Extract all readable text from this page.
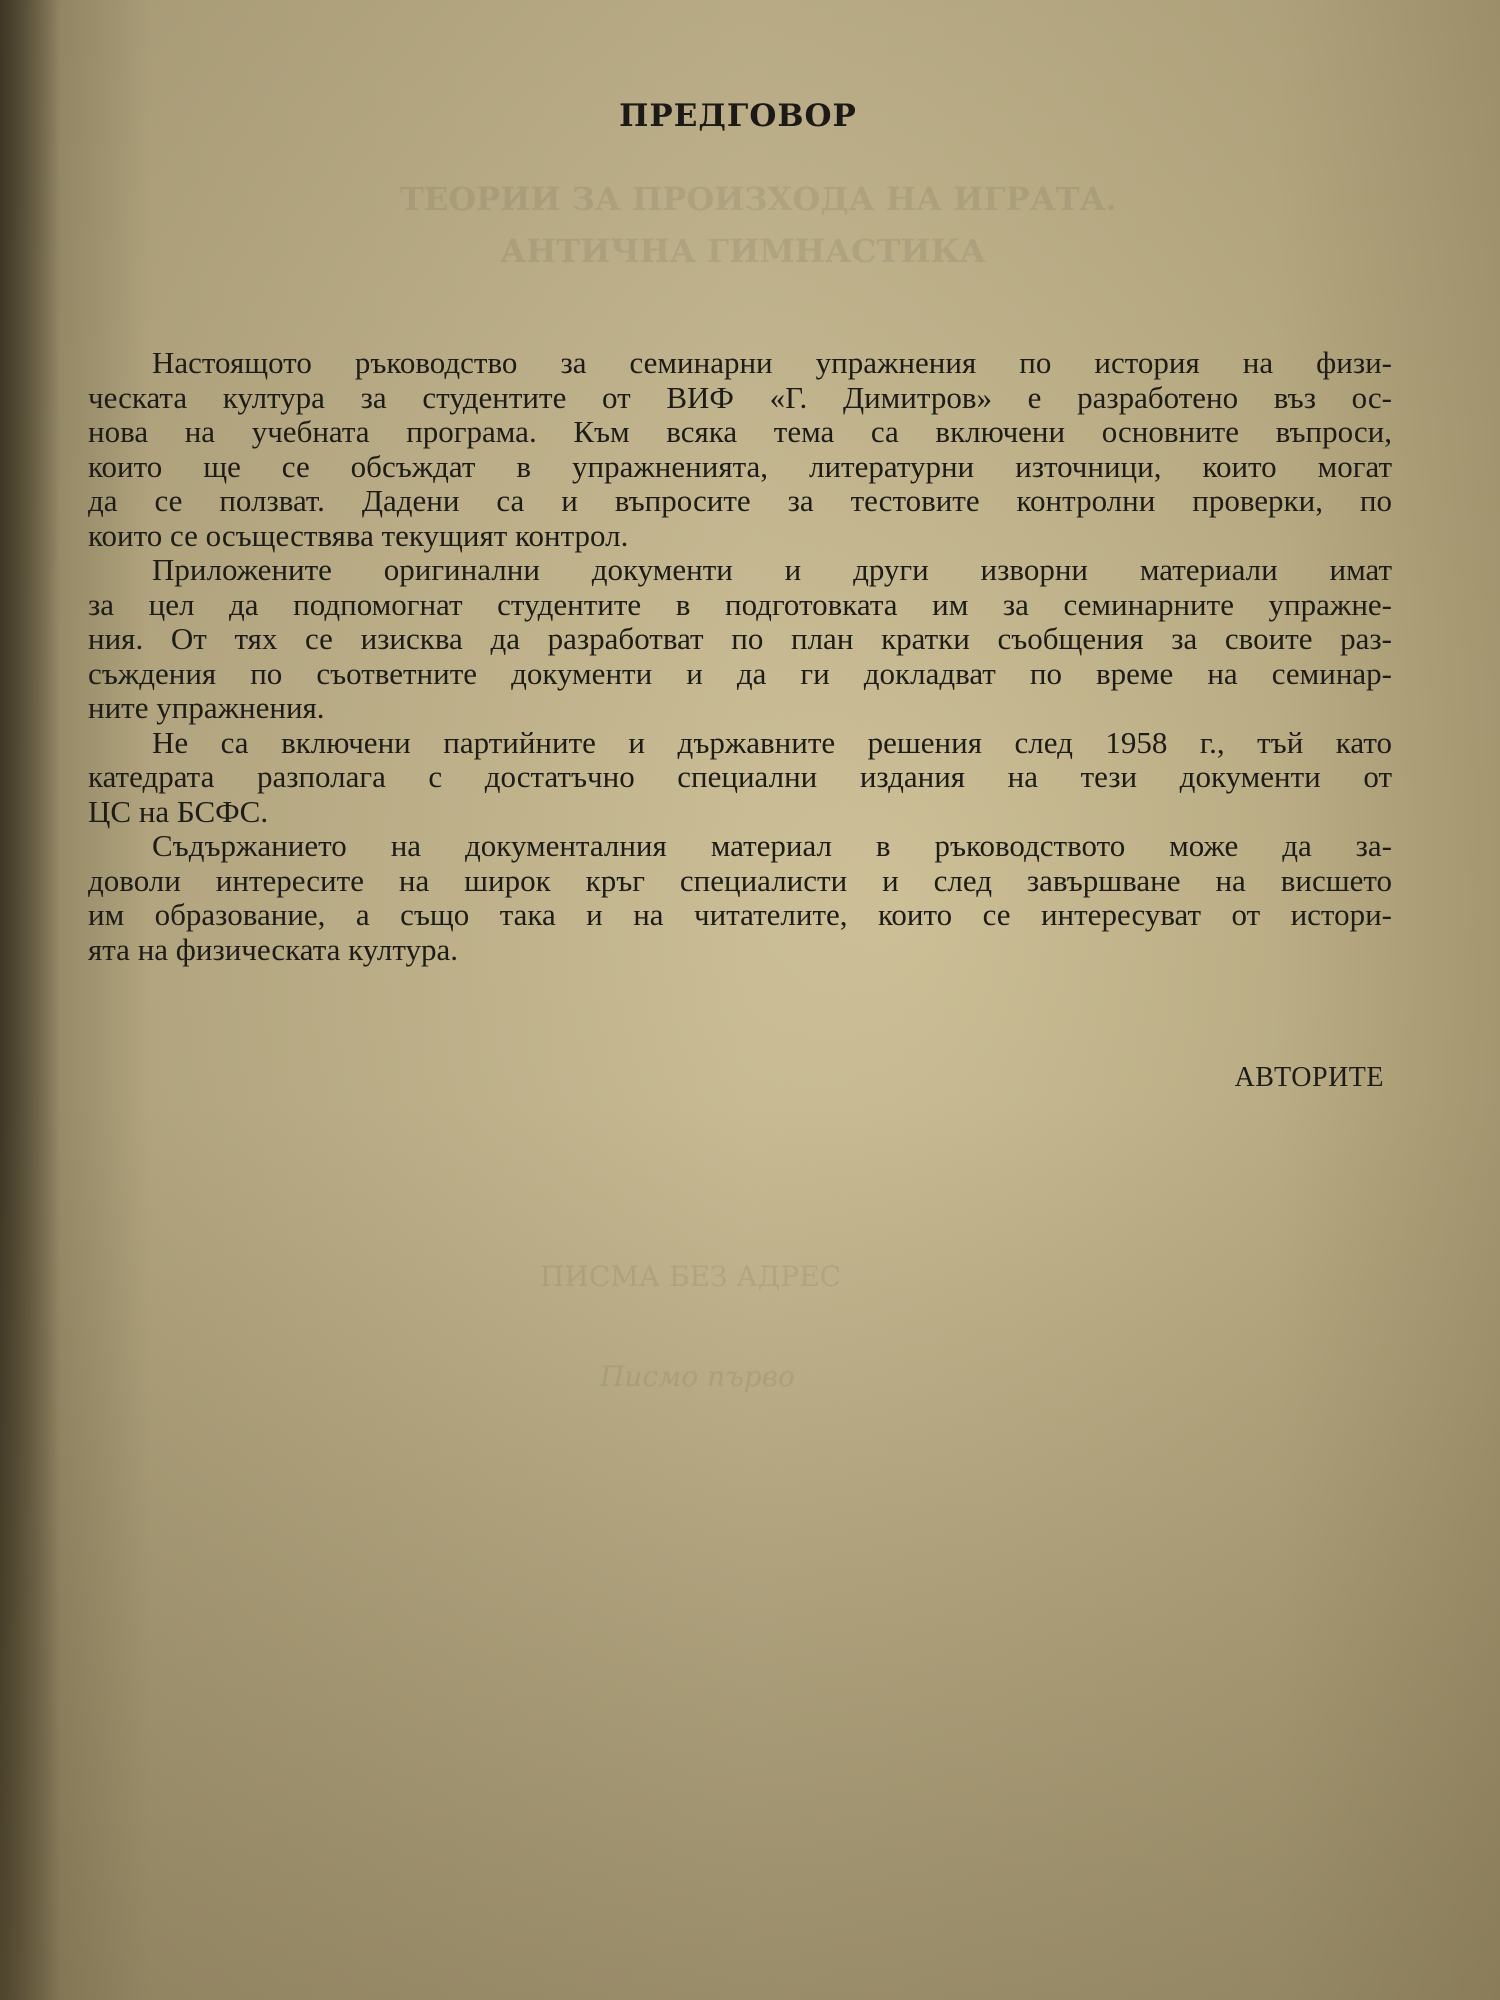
ТЕОРИИ ЗА ПРОИЗХОДА НА ИГРАТА.
АНТИЧНА ГИМНАСТИКА
ПИСМА БЕЗ АДРЕС
Писмо първо
ПРЕДГОВОР
Настоящото ръководство за семинарни упражнения по история на физи-
ческата култура за студентите от ВИФ «Г. Димитров» е разработено въз ос-
нова на учебната програма. Към всяка тема са включени основните въпроси,
които ще се обсъждат в упражненията, литературни източници, които могат
да се ползват. Дадени са и въпросите за тестовите контролни проверки, по
които се осъществява текущият контрол.
Приложените оригинални документи и други изворни материали имат
за цел да подпомогнат студентите в подготовката им за семинарните упражне-
ния. От тях се изисква да разработват по план кратки съобщения за своите раз-
съждения по съответните документи и да ги докладват по време на семинар-
ните упражнения.
Не са включени партийните и държавните решения след 1958 г., тъй като
катедрата разполага с достатъчно специални издания на тези документи от
ЦС на БСФС.
Съдържанието на документалния материал в ръководството може да за-
доволи интересите на широк кръг специалисти и след завършване на висшето
им образование, а също така и на читателите, които се интересуват от истори-
ята на физическата култура.
АВТОРИТЕ
